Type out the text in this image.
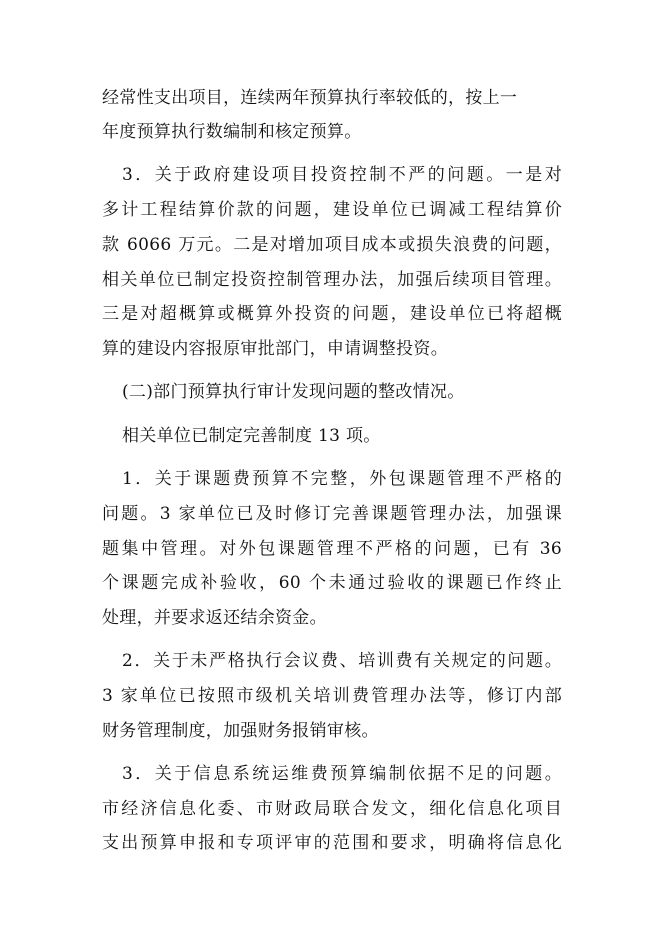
经常性支出项目，连续两年预算执行率较低的，按上一
年度预算执行数编制和核定预算。
3．关于政府建设项目投资控制不严的问题。一是对
多计工程结算价款的问题，建设单位已调减工程结算价
款 6066 万元。二是对增加项目成本或损失浪费的问题，
相关单位已制定投资控制管理办法，加强后续项目管理。
三是对超概算或概算外投资的问题，建设单位已将超概
算的建设内容报原审批部门，申请调整投资。
(二)部门预算执行审计发现问题的整改情况。
相关单位已制定完善制度 13 项。
1．关于课题费预算不完整，外包课题管理不严格的
问题。3 家单位已及时修订完善课题管理办法，加强课
题集中管理。对外包课题管理不严格的问题，已有 36
个课题完成补验收，60 个未通过验收的课题已作终止
处理，并要求返还结余资金。
2．关于未严格执行会议费、培训费有关规定的问题。
3 家单位已按照市级机关培训费管理办法等，修订内部
财务管理制度，加强财务报销审核。
3．关于信息系统运维费预算编制依据不足的问题。
市经济信息化委、市财政局联合发文，细化信息化项目
支出预算申报和专项评审的范围和要求，明确将信息化
